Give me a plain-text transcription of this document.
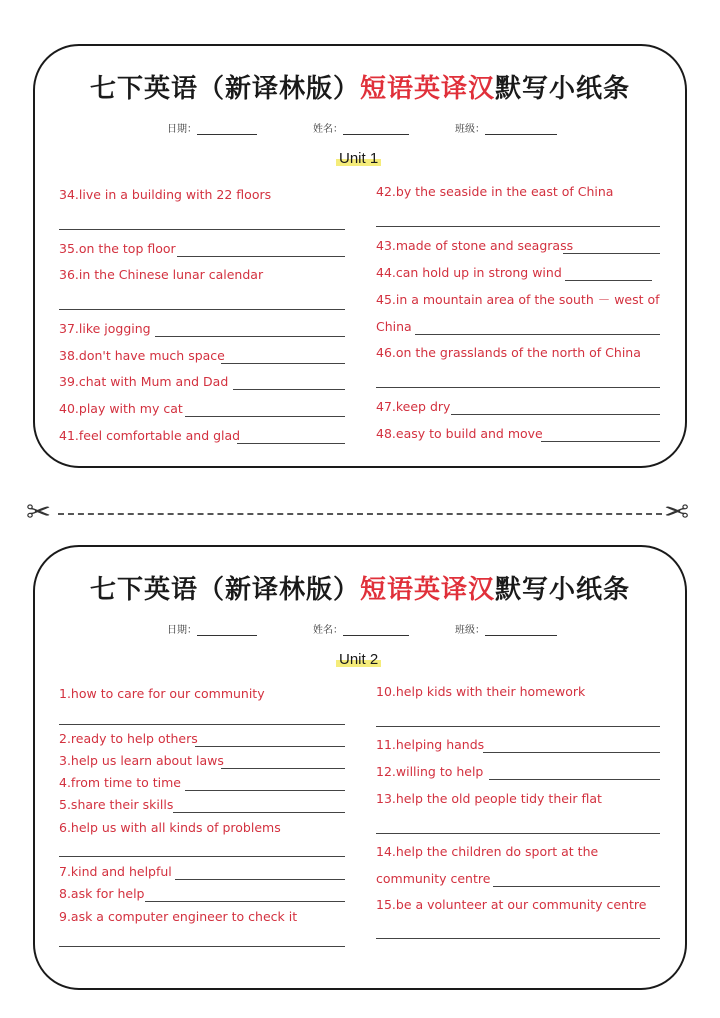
七下英语（新译林版）短语英译汉默写小纸条
日期：	姓名：	班级：
Unit 1
34.live in a building with 22 floors
35.on the top floor
36.in the Chinese lunar calendar
37.like jogging
38.don't have much space
39.chat with Mum and Dad
40.play with my cat
41.feel comfortable and glad
42.by the seaside in the east of China
43.made of stone and seagrass
44.can hold up in strong wind
45.in a mountain area of the south － west of
China
46.on the grasslands of the north of China
47.keep dry
48.easy to build and move
✂	✂
七下英语（新译林版）短语英译汉默写小纸条
日期：	姓名：	班级：
Unit 2
1.how to care for our community
2.ready to help others
3.help us learn about laws
4.from time to time
5.share their skills
6.help us with all kinds of problems
7.kind and helpful
8.ask for help
9.ask a computer engineer to check it
10.help kids with their homework
11.helping hands
12.willing to help
13.help the old people tidy their flat
14.help the children do sport at the
community centre
15.be a volunteer at our community centre
